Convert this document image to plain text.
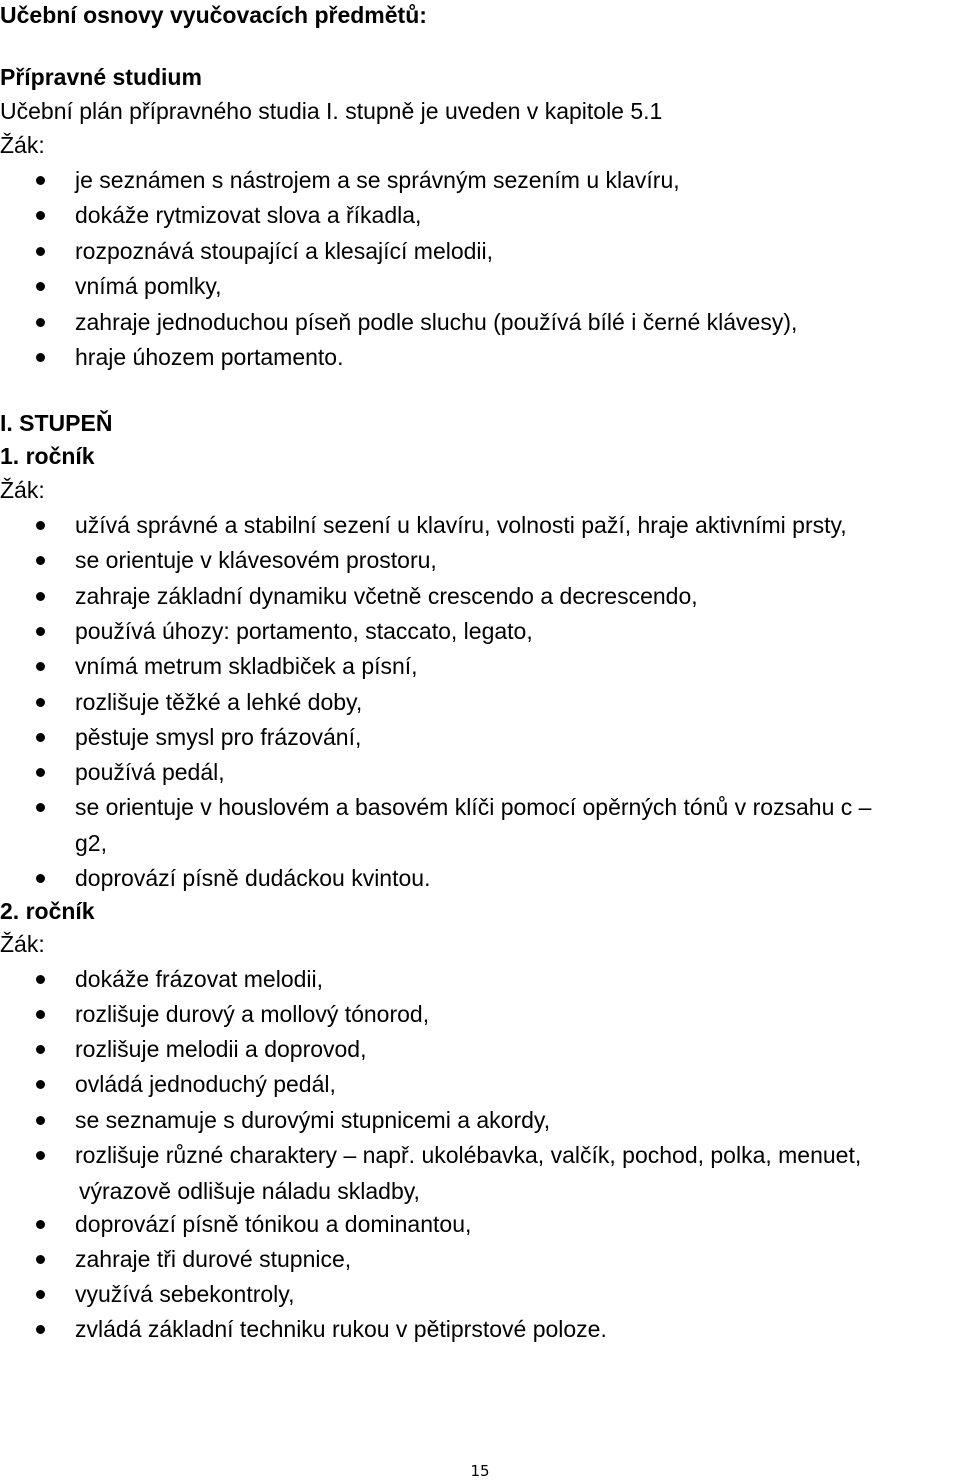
Učební osnovy vyučovacích předmětů:
Přípravné studium
Učební plán přípravného studia I. stupně je uveden v kapitole 5.1
Žák:
je seznámen s nástrojem a se správným sezením u klavíru,
dokáže rytmizovat slova a říkadla,
rozpoznává stoupající a klesající melodii,
vnímá pomlky,
zahraje jednoduchou píseň podle sluchu (používá bílé i černé klávesy),
hraje úhozem portamento.
I. STUPEŇ
1. ročník
Žák:
užívá správné a stabilní sezení u klavíru, volnosti paží, hraje aktivními prsty,
se orientuje v klávesovém prostoru,
zahraje základní dynamiku včetně crescendo a decrescendo,
používá úhozy: portamento, staccato, legato,
vnímá metrum skladbiček a písní,
rozlišuje těžké a lehké doby,
pěstuje smysl pro frázování,
používá pedál,
se orientuje v houslovém a basovém klíči pomocí opěrných tónů v rozsahu c –
g2,
doprovází písně dudáckou kvintou.
2. ročník
Žák:
dokáže frázovat melodii,
rozlišuje durový a mollový tónorod,
rozlišuje melodii a doprovod,
ovládá jednoduchý pedál,
se seznamuje s durovými stupnicemi a akordy,
rozlišuje různé charaktery – např. ukolébavka, valčík, pochod, polka, menuet,
výrazově odlišuje náladu skladby,
doprovází písně tónikou a dominantou,
zahraje tři durové stupnice,
využívá sebekontroly,
zvládá základní techniku rukou v pětiprstové poloze.
15
